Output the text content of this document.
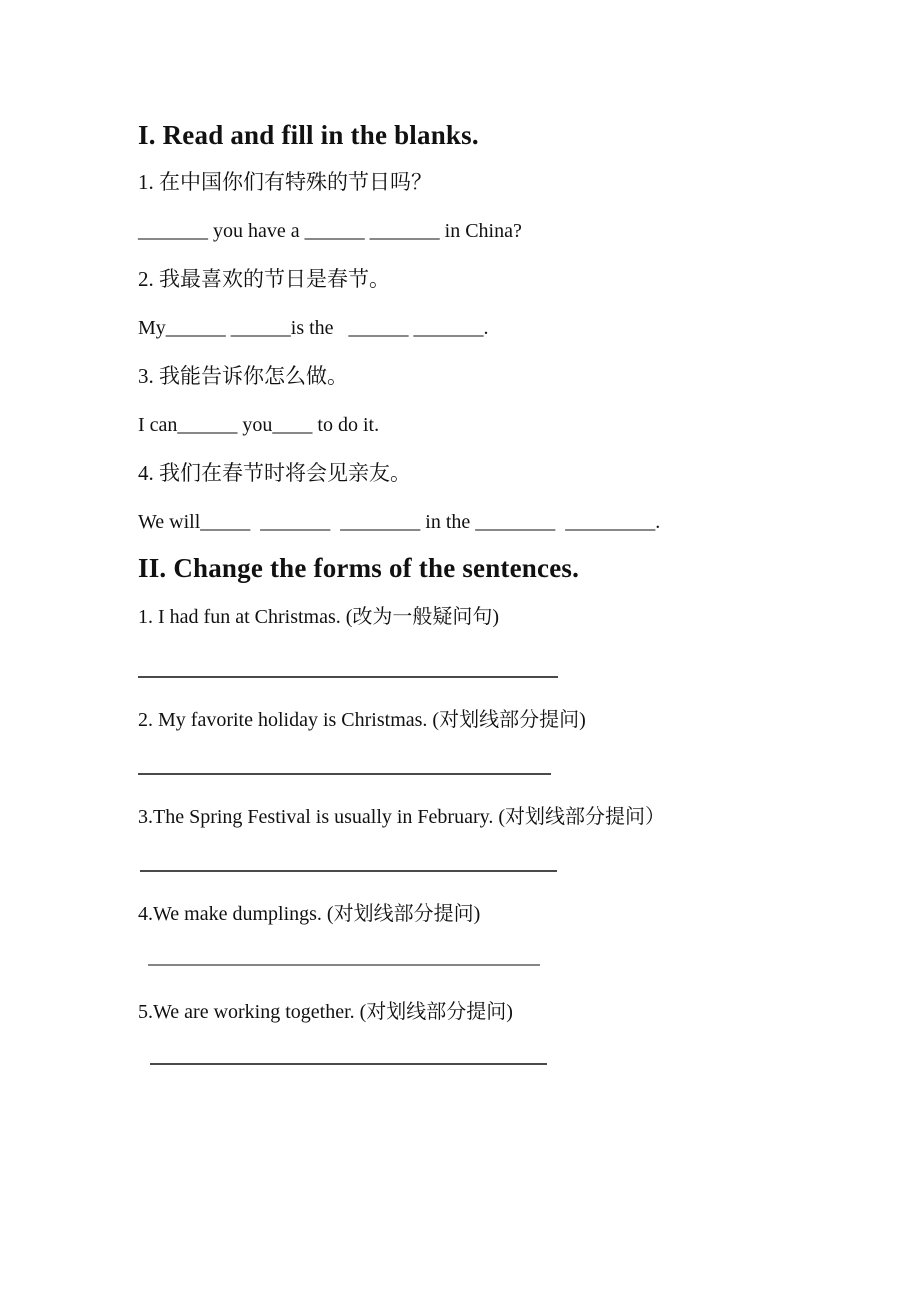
I. Read and fill in the blanks.
1. 在中国你们有特殊的节日吗？
_______ you have a ______ _______ in China?
2. 我最喜欢的节日是春节。
My______ ______is the   ______ _______.
3. 我能告诉你怎么做。
I can______ you____ to do it.
4. 我们在春节时将会见亲友。
We will_____  _______  ________ in the ________  _________.
II. Change the forms of the sentences.
1. I had fun at Christmas. (改为一般疑问句)
2. My favorite holiday is Christmas. (对划线部分提问)
3.The Spring Festival is usually in February. (对划线部分提问）
4.We make dumplings. (对划线部分提问)
5.We are working together. (对划线部分提问)
